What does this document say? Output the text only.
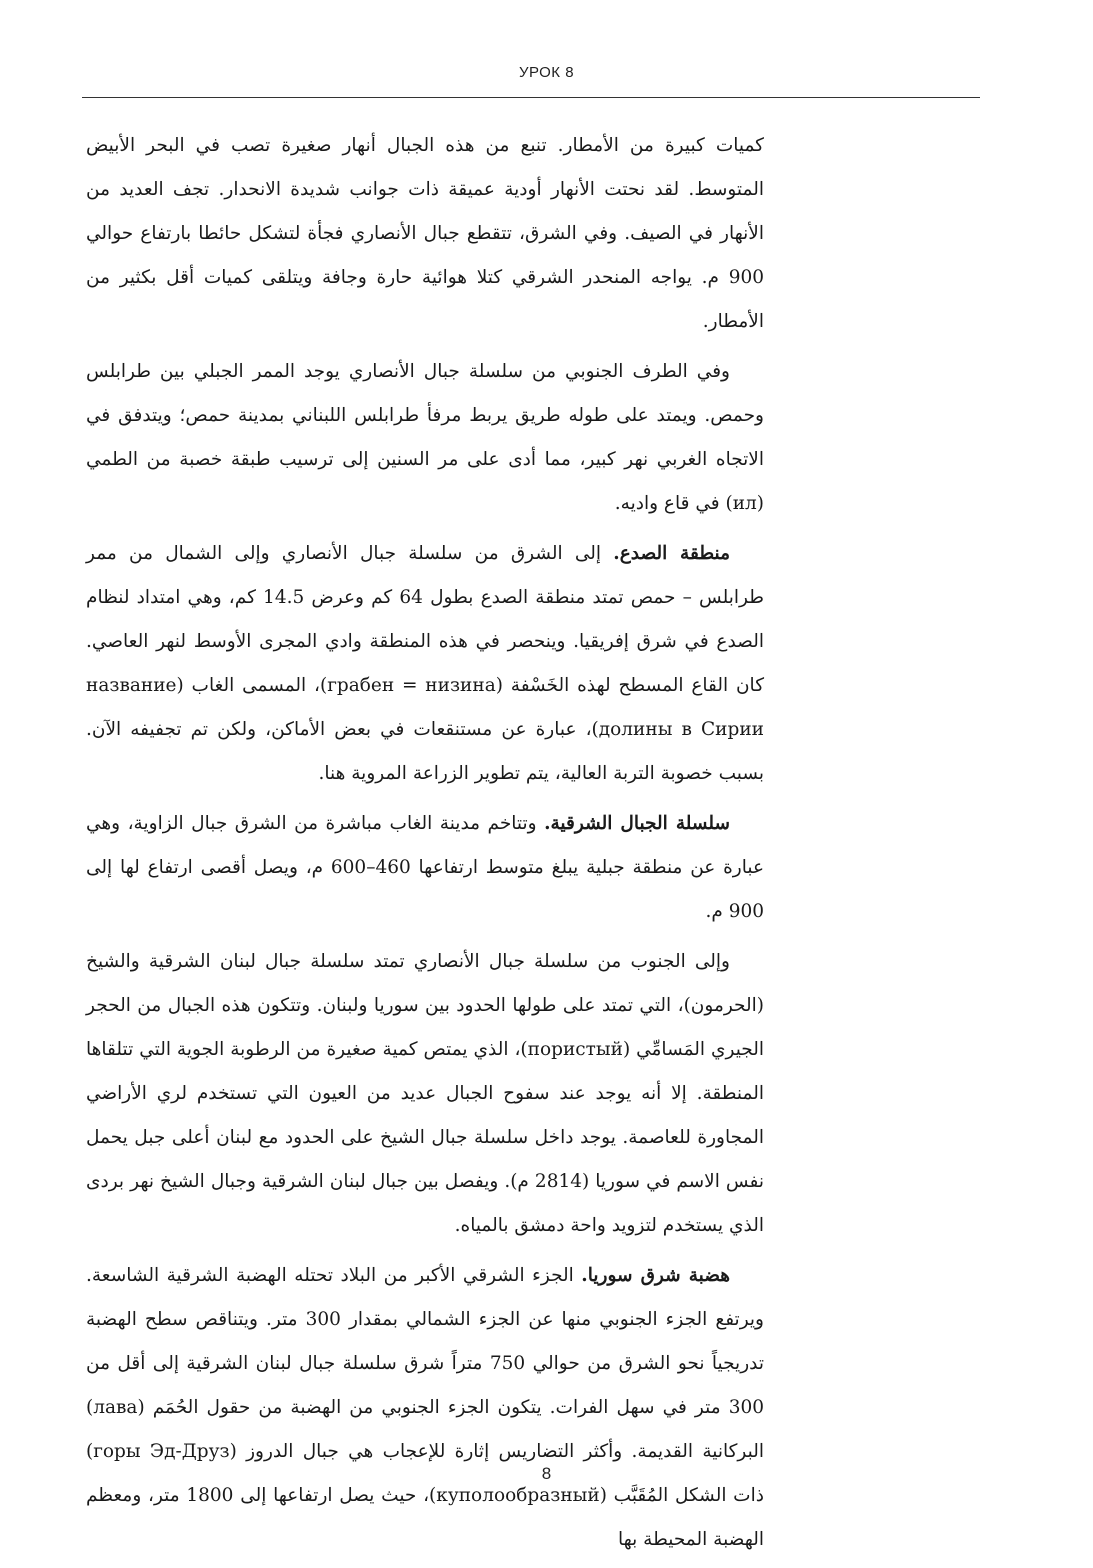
УРОК 8

كميات كبيرة من الأمطار. تنبع من هذه الجبال أنهار صغيرة تصب في البحر الأبيض المتوسط. لقد نحتت الأنهار أودية عميقة ذات جوانب شديدة الانحدار. تجف العديد من الأنهار في الصيف. وفي الشرق، تتقطع جبال الأنصاري فجأة لتشكل حائطا بارتفاع حوالي 900 م. يواجه المنحدر الشرقي كتلا هوائية حارة وجافة ويتلقى كميات أقل بكثير من الأمطار.

وفي الطرف الجنوبي من سلسلة جبال الأنصاري يوجد الممر الجبلي بين طرابلس وحمص. ويمتد على طوله طريق يربط مرفأ طرابلس اللبناني بمدينة حمص؛ ويتدفق في الاتجاه الغربي نهر كبير، مما أدى على مر السنين إلى ترسيب طبقة خصبة من الطمي (ил) في قاع واديه.

منطقة الصدع. إلى الشرق من سلسلة جبال الأنصاري وإلى الشمال من ممر طرابلس – حمص تمتد منطقة الصدع بطول 64 كم وعرض 14.5 كم، وهي امتداد لنظام الصدع في شرق إفريقيا. وينحصر في هذه المنطقة وادي المجرى الأوسط لنهر العاصي. كان القاع المسطح لهذه الخَسْفة (грабен = низина)، المسمى الغاب (название долины в Сирии)، عبارة عن مستنقعات في بعض الأماكن، ولكن تم تجفيفه الآن. بسبب خصوبة التربة العالية، يتم تطوير الزراعة المروية هنا.

سلسلة الجبال الشرقية. وتتاخم مدينة الغاب مباشرة من الشرق جبال الزاوية، وهي عبارة عن منطقة جبلية يبلغ متوسط ارتفاعها 460–600 م، ويصل أقصى ارتفاع لها إلى 900 م.

وإلى الجنوب من سلسلة جبال الأنصاري تمتد سلسلة جبال لبنان الشرقية والشيخ (الحرمون)، التي تمتد على طولها الحدود بين سوريا ولبنان. وتتكون هذه الجبال من الحجر الجيري المَسامِّي (пористый)، الذي يمتص كمية صغيرة من الرطوبة الجوية التي تتلقاها المنطقة. إلا أنه يوجد عند سفوح الجبال عديد من العيون التي تستخدم لري الأراضي المجاورة للعاصمة. يوجد داخل سلسلة جبال الشيخ على الحدود مع لبنان أعلى جبل يحمل نفس الاسم في سوريا (2814 م). ويفصل بين جبال لبنان الشرقية وجبال الشيخ نهر بردى الذي يستخدم لتزويد واحة دمشق بالمياه.

هضبة شرق سوريا. الجزء الشرقي الأكبر من البلاد تحتله الهضبة الشرقية الشاسعة. ويرتفع الجزء الجنوبي منها عن الجزء الشمالي بمقدار 300 متر. ويتناقص سطح الهضبة تدريجياً نحو الشرق من حوالي 750 متراً شرق سلسلة جبال لبنان الشرقية إلى أقل من 300 متر في سهل الفرات. يتكون الجزء الجنوبي من الهضبة من حقول الحُمَم (лава) البركانية القديمة. وأكثر التضاريس إثارة للإعجاب هي جبال الدروز (горы Эд-Друз) ذات الشكل المُقَبَّب (куполообразный)، حيث يصل ارتفاعها إلى 1800 متر، ومعظم الهضبة المحيطة بها

8
